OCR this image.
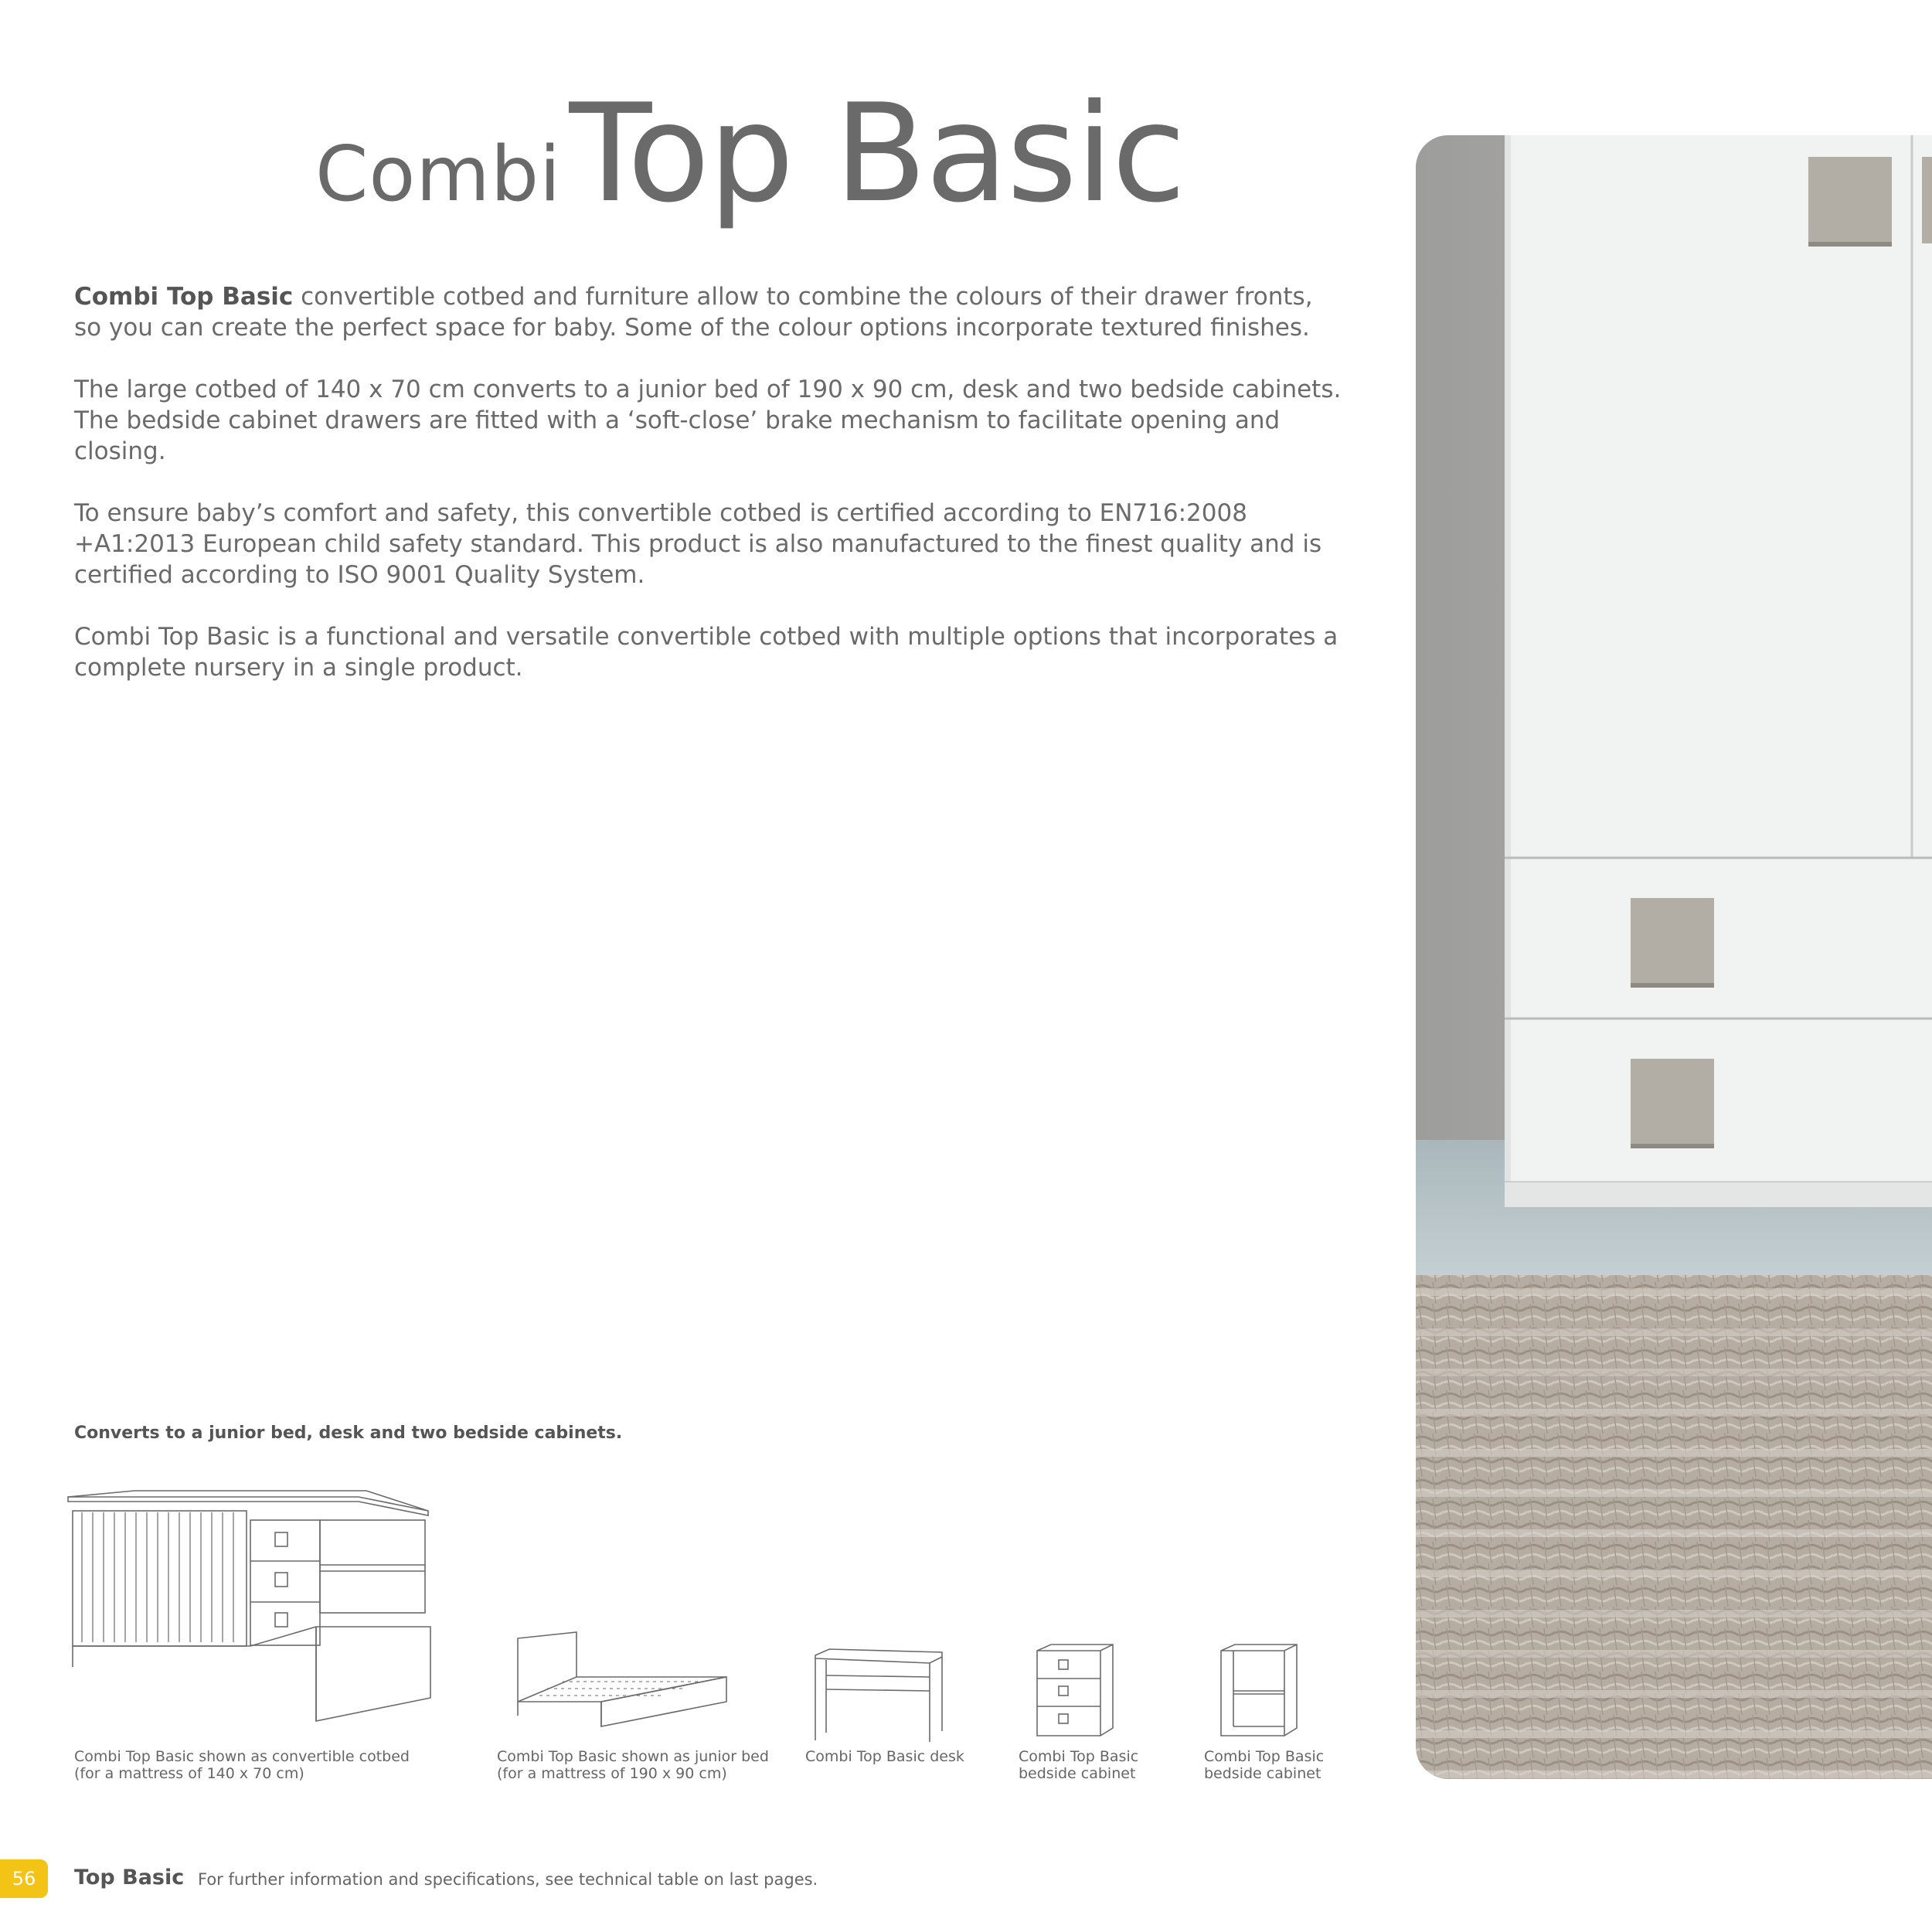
Combi Top Basic

Combi Top Basic convertible cotbed and furniture allow to combine the colours of their drawer fronts, so you can create the perfect space for baby. Some of the colour options incorporate textured finishes.

The large cotbed of 140 x 70 cm converts to a junior bed of 190 x 90 cm, desk and two bedside cabinets. The bedside cabinet drawers are fitted with a ‘soft-close’ brake mechanism to facilitate opening and closing.

To ensure baby’s comfort and safety, this convertible cotbed is certified according to EN716:2008 +A1:2013 European child safety standard. This product is also manufactured to the finest quality and is certified according to ISO 9001 Quality System.

Combi Top Basic is a functional and versatile convertible cotbed with multiple options that incorporates a complete nursery in a single product.

Converts to a junior bed, desk and two bedside cabinets.
Combi Top Basic shown as convertible cotbed
(for a mattress of 140 x 70 cm)
Combi Top Basic shown as junior bed
(for a mattress of 190 x 90 cm)
Combi Top Basic desk	Combi Top Basic
bedside cabinet
Combi Top Basic
bedside cabinet
56	Top Basic For further information and specifications, see technical table on last pages.
